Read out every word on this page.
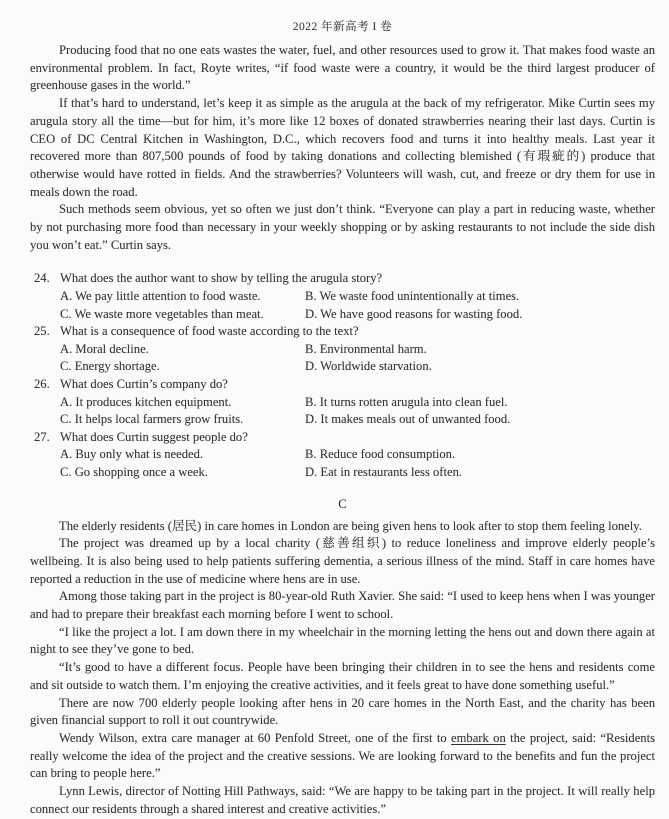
2022 年新高考 I 卷

Producing food that no one eats wastes the water, fuel, and other resources used to grow it. That makes food waste an environmental problem. In fact, Royte writes, “if food waste were a country, it would be the third largest producer of greenhouse gases in the world.”

If that’s hard to understand, let’s keep it as simple as the arugula at the back of my refrigerator. Mike Curtin sees my arugula story all the time—but for him, it’s more like 12 boxes of donated strawberries nearing their last days. Curtin is CEO of DC Central Kitchen in Washington, D.C., which recovers food and turns it into healthy meals. Last year it recovered more than 807,500 pounds of food by taking donations and collecting blemished (有瑕疵的) produce that otherwise would have rotted in fields. And the strawberries? Volunteers will wash, cut, and freeze or dry them for use in meals down the road.

Such methods seem obvious, yet so often we just don’t think. “Everyone can play a part in reducing waste, whether by not purchasing more food than necessary in your weekly shopping or by asking restaurants to not include the side dish you won’t eat.” Curtin says.

24. What does the author want to show by telling the arugula story?
A. We pay little attention to food waste.	B. We waste food unintentionally at times.
C. We waste more vegetables than meat.	D. We have good reasons for wasting food.
25. What is a consequence of food waste according to the text?
A. Moral decline.	B. Environmental harm.
C. Energy shortage.	D. Worldwide starvation.
26. What does Curtin’s company do?
A. It produces kitchen equipment.	B. It turns rotten arugula into clean fuel.
C. It helps local farmers grow fruits.	D. It makes meals out of unwanted food.
27. What does Curtin suggest people do?
A. Buy only what is needed.	B. Reduce food consumption.
C. Go shopping once a week.	D. Eat in restaurants less often.
C

The elderly residents (居民) in care homes in London are being given hens to look after to stop them feeling lonely.

The project was dreamed up by a local charity (慈善组织) to reduce loneliness and improve elderly people’s wellbeing. It is also being used to help patients suffering dementia, a serious illness of the mind. Staff in care homes have reported a reduction in the use of medicine where hens are in use.

Among those taking part in the project is 80-year-old Ruth Xavier. She said: “I used to keep hens when I was younger and had to prepare their breakfast each morning before I went to school.

“I like the project a lot. I am down there in my wheelchair in the morning letting the hens out and down there again at night to see they’ve gone to bed.

“It’s good to have a different focus. People have been bringing their children in to see the hens and residents come and sit outside to watch them. I’m enjoying the creative activities, and it feels great to have done something useful.”

There are now 700 elderly people looking after hens in 20 care homes in the North East, and the charity has been given financial support to roll it out countrywide.

Wendy Wilson, extra care manager at 60 Penfold Street, one of the first to embark on the project, said: “Residents really welcome the idea of the project and the creative sessions. We are looking forward to the benefits and fun the project can bring to people here.”

Lynn Lewis, director of Notting Hill Pathways, said: “We are happy to be taking part in the project. It will really help connect our residents through a shared interest and creative activities.”
